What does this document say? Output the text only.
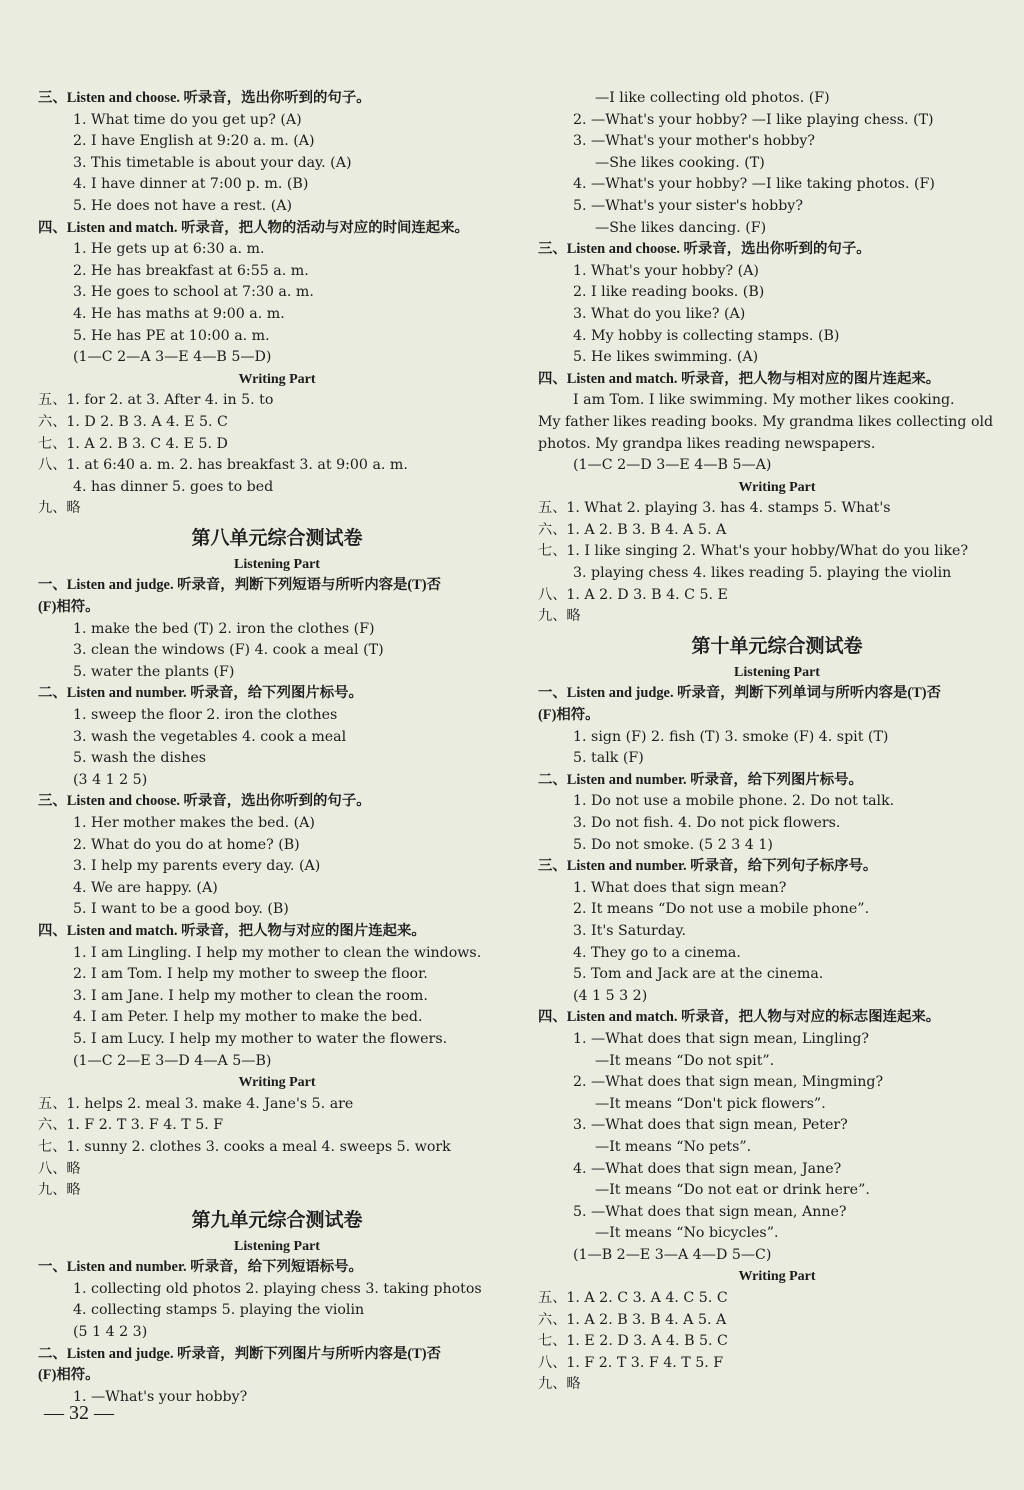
三、Listen and choose. 听录音，选出你听到的句子。
1. What time do you get up? (A)
2. I have English at 9:20 a. m. (A)
3. This timetable is about your day. (A)
4. I have dinner at 7:00 p. m. (B)
5. He does not have a rest. (A)
四、Listen and match. 听录音，把人物的活动与对应的时间连起来。
1. He gets up at 6:30 a. m.
2. He has breakfast at 6:55 a. m.
3. He goes to school at 7:30 a. m.
4. He has maths at 9:00 a. m.
5. He has PE at 10:00 a. m.
(1—C 2—A 3—E 4—B 5—D)
Writing Part
五、1. for 2. at 3. After 4. in 5. to
六、1. D 2. B 3. A 4. E 5. C
七、1. A 2. B 3. C 4. E 5. D
八、1. at 6:40 a. m. 2. has breakfast 3. at 9:00 a. m.
4. has dinner 5. goes to bed
九、略
第八单元综合测试卷
Listening Part
一、Listen and judge. 听录音，判断下列短语与所听内容是(T)否
(F)相符。
1. make the bed (T) 2. iron the clothes (F)
3. clean the windows (F) 4. cook a meal (T)
5. water the plants (F)
二、Listen and number. 听录音，给下列图片标号。
1. sweep the floor 2. iron the clothes
3. wash the vegetables 4. cook a meal
5. wash the dishes
(3 4 1 2 5)
三、Listen and choose. 听录音，选出你听到的句子。
1. Her mother makes the bed. (A)
2. What do you do at home? (B)
3. I help my parents every day. (A)
4. We are happy. (A)
5. I want to be a good boy. (B)
四、Listen and match. 听录音，把人物与对应的图片连起来。
1. I am Lingling. I help my mother to clean the windows.
2. I am Tom. I help my mother to sweep the floor.
3. I am Jane. I help my mother to clean the room.
4. I am Peter. I help my mother to make the bed.
5. I am Lucy. I help my mother to water the flowers.
(1—C 2—E 3—D 4—A 5—B)
Writing Part
五、1. helps 2. meal 3. make 4. Jane's 5. are
六、1. F 2. T 3. F 4. T 5. F
七、1. sunny 2. clothes 3. cooks a meal 4. sweeps 5. work
八、略
九、略
第九单元综合测试卷
Listening Part
一、Listen and number. 听录音，给下列短语标号。
1. collecting old photos 2. playing chess 3. taking photos
4. collecting stamps 5. playing the violin
(5 1 4 2 3)
二、Listen and judge. 听录音，判断下列图片与所听内容是(T)否
(F)相符。
1. —What's your hobby?
—I like collecting old photos. (F)
2. —What's your hobby? —I like playing chess. (T)
3. —What's your mother's hobby?
—She likes cooking. (T)
4. —What's your hobby? —I like taking photos. (F)
5. —What's your sister's hobby?
—She likes dancing. (F)
三、Listen and choose. 听录音，选出你听到的句子。
1. What's your hobby? (A)
2. I like reading books. (B)
3. What do you like? (A)
4. My hobby is collecting stamps. (B)
5. He likes swimming. (A)
四、Listen and match. 听录音，把人物与相对应的图片连起来。
I am Tom. I like swimming. My mother likes cooking.
My father likes reading books. My grandma likes collecting old
photos. My grandpa likes reading newspapers.
(1—C 2—D 3—E 4—B 5—A)
Writing Part
五、1. What 2. playing 3. has 4. stamps 5. What's
六、1. A 2. B 3. B 4. A 5. A
七、1. I like singing 2. What's your hobby/What do you like?
3. playing chess 4. likes reading 5. playing the violin
八、1. A 2. D 3. B 4. C 5. E
九、略
第十单元综合测试卷
Listening Part
一、Listen and judge. 听录音，判断下列单词与所听内容是(T)否
(F)相符。
1. sign (F) 2. fish (T) 3. smoke (F) 4. spit (T)
5. talk (F)
二、Listen and number. 听录音，给下列图片标号。
1. Do not use a mobile phone. 2. Do not talk.
3. Do not fish. 4. Do not pick flowers.
5. Do not smoke. (5 2 3 4 1)
三、Listen and number. 听录音，给下列句子标序号。
1. What does that sign mean?
2. It means “Do not use a mobile phone”.
3. It's Saturday.
4. They go to a cinema.
5. Tom and Jack are at the cinema.
(4 1 5 3 2)
四、Listen and match. 听录音，把人物与对应的标志图连起来。
1. —What does that sign mean, Lingling?
—It means “Do not spit”.
2. —What does that sign mean, Mingming?
—It means “Don't pick flowers”.
3. —What does that sign mean, Peter?
—It means “No pets”.
4. —What does that sign mean, Jane?
—It means “Do not eat or drink here”.
5. —What does that sign mean, Anne?
—It means “No bicycles”.
(1—B 2—E 3—A 4—D 5—C)
Writing Part
五、1. A 2. C 3. A 4. C 5. C
六、1. A 2. B 3. B 4. A 5. A
七、1. E 2. D 3. A 4. B 5. C
八、1. F 2. T 3. F 4. T 5. F
九、略
— 32 —
